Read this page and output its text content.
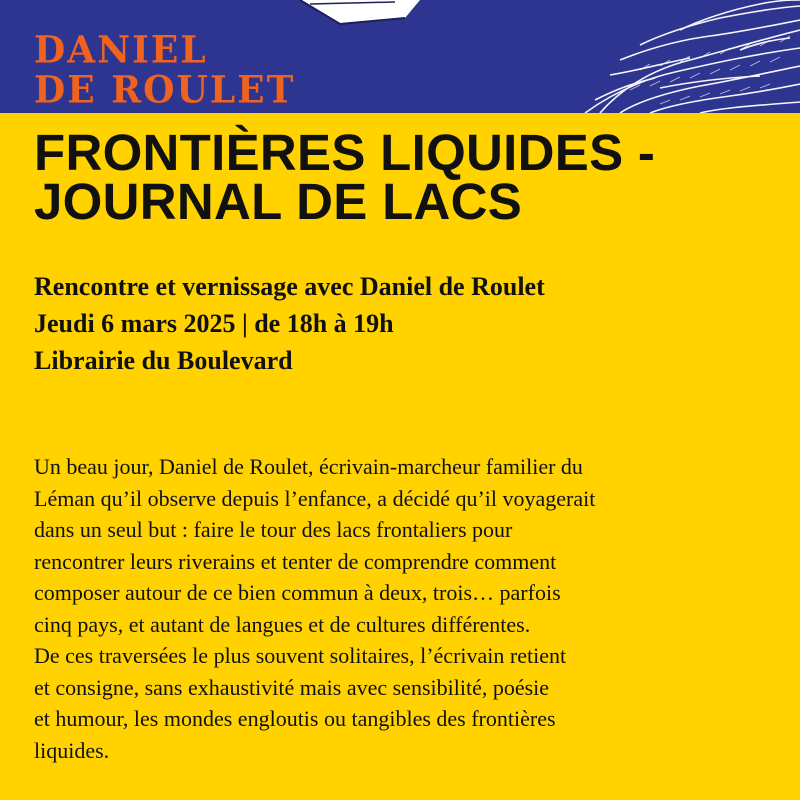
DANIEL
DE ROULET
FRONTIÈRES LIQUIDES -
JOURNAL DE LACS
Rencontre et vernissage avec Daniel de Roulet
Jeudi 6 mars 2025 | de 18h à 19h
Librairie du Boulevard
Un beau jour, Daniel de Roulet, écrivain-marcheur familier du
Léman qu’il observe depuis l’enfance, a décidé qu’il voyagerait
dans un seul but : faire le tour des lacs frontaliers pour
rencontrer leurs riverains et tenter de comprendre comment
composer autour de ce bien commun à deux, trois… parfois
cinq pays, et autant de langues et de cultures différentes.
De ces traversées le plus souvent solitaires, l’écrivain retient
et consigne, sans exhaustivité mais avec sensibilité, poésie
et humour, les mondes engloutis ou tangibles des frontières
liquides.
